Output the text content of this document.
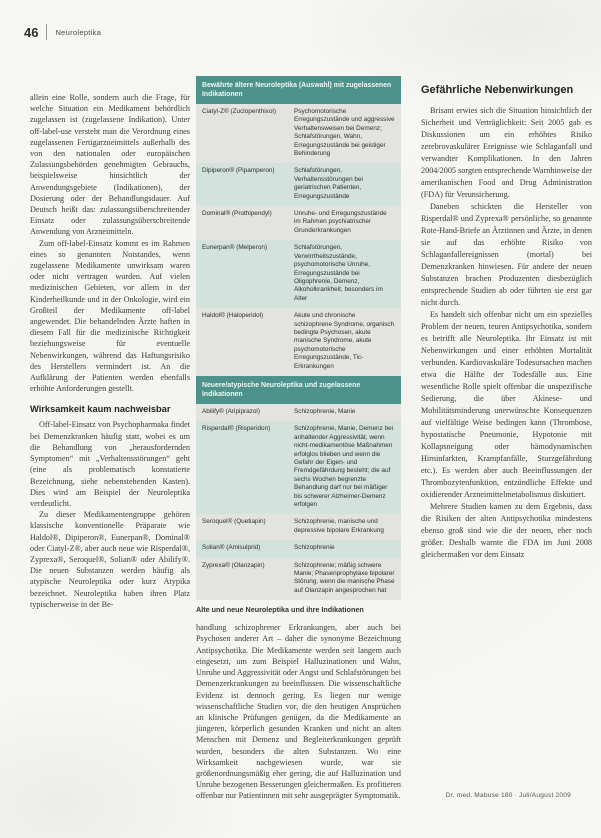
46 Neuroleptika

allein eine Rolle, sondern auch die Frage, für welche Situation ein Medikament behördlich zugelassen ist (zugelassene Indikation). Unter off-label-use versteht man die Verordnung eines zugelassenen Fertigarzneimittels außerhalb des von den nationalen oder europäischen Zulassungsbehörden genehmigten Gebrauchs, beispielsweise hinsichtlich der Anwendungsgebiete (Indikationen), der Dosierung oder der Behandlungsdauer. Auf Deutsch heißt das: zulassungsüberschreitender Einsatz oder zulassungsüberschreitende Anwendung von Arzneimitteln.

Zum off-label-Einsatz kommt es im Rahmen eines so genannten Notstandes, wenn zugelassene Medikamente unwirksam waren oder nicht vertragen wurden. Auf vielen medizinischen Gebieten, vor allem in der Kinderheilkunde und in der Onkologie, wird ein Großteil der Medikamente off-label angewendet. Die behandelnden Ärzte haften in diesem Fall für die medizinische Richtigkeit beziehungsweise für eventuelle Nebenwirkungen, während das Haftungsrisiko des Herstellers vermindert ist. An die Aufklärung der Patienten werden ebenfalls erhöhte Anforderungen gestellt.

Wirksamkeit kaum nachweisbar

Off-label-Einsatz von Psychopharmaka findet bei Demenzkranken häufig statt, wobei es um die Behandlung von „herausfordernden Symptomen“ mit „Verhaltensstörungen“ geht (eine als problematisch konstatierte Bezeichnung, siehe nebenstehenden Kasten). Dies wird am Beispiel der Neuroleptika verdeutlicht.

Zu dieser Medikamentengruppe gehören klassische konventionelle Präparate wie Haldol®, Dipiperon®, Eunerpan®, Dominal® oder Ciatyl-Z®, aber auch neue wie Risperdal®, Zyprexa®, Seroquel®, Solian® oder Abilify®. Die neuen Substanzen werden häufig als atypische Neuroleptika oder kurz Atypika bezeichnet. Neuroleptika haben ihren Platz typischerweise in der Be-

Bewährte ältere Neuroleptika (Auswahl) mit zugelassenen Indikationen
Ciatyl-Z® (Zuclopenthixol)	Psychomotorische Erregungszustände und aggressive Verhaltensweisen bei Demenz; Schlafstörungen, Wahn, Erregungszustände bei geistiger Behinderung
Dipiperon® (Pipamperon)	Schlafstörungen, Verhaltensstörungen bei geriatrischen Patienten, Erregungszustände
Dominal® (Prothipendyl)	Unruhe- und Erregungszustände im Rahmen psychiatrischer Grunderkrankungen
Eunerpan® (Melperon)	Schlafstörungen, Verwirrtheitszustände, psychomotorische Unruhe, Erregungszustände bei Oligophrenie, Demenz, Alkoholkrankheit, besonders im Alter
Haldol® (Haloperidol)	Akute und chronische schizophrene Syndrome, organisch bedingte Psychosen, akute manische Syndrome, akute psychomotorische Erregungszustände, Tic-Erkrankungen
Neuere/atypische Neuroleptika und zugelassene Indikationen
Abilify® (Aripiprazol)	Schizophrenie, Manie
Risperdal® (Risperidon)	Schizophrenie, Manie, Demenz bei anhaltender Aggressivität, wenn nicht-medikamentöse Maßnahmen erfolglos blieben und wenn die Gefahr der Eigen- und Fremdgefährdung besteht; die auf sechs Wochen begrenzte Behandlung darf nur bei mäßiger bis schwerer Alzheimer-Demenz erfolgen
Seroquel® (Quetiapin)	Schizophrenie, manische und depressive bipolare Erkrankung
Solian® (Amisulprid)	Schizophrenie
Zyprexa® (Olanzapin)	Schizophrenie; mäßig schwere Manie; Phasenprophylaxe bipolarer Störung, wenn die manische Phase auf Olanzapin angesprochen hat
Alte und neue Neuroleptika und ihre Indikationen

handlung schizophrener Erkrankungen, aber auch bei Psychosen anderer Art – daher die synonyme Bezeichnung Antipsychotika. Die Medikamente werden seit langem auch eingesetzt, um zum Beispiel Halluzinationen und Wahn, Unruhe und Aggressivität oder Angst und Schlafstörungen bei Demenzerkrankungen zu beeinflussen. Die wissenschaftliche Evidenz ist dennoch gering. Es liegen nur wenige wissenschaftliche Studien vor, die den heutigen Ansprüchen an klinische Prüfungen genügen, da die Medikamente an jüngeren, körperlich gesunden Kranken und nicht an alten Menschen mit Demenz und Begleiterkrankungen geprüft wurden, besonders die alten Substanzen. Wo eine Wirksamkeit nachgewiesen wurde, war sie größenordnungsmäßig eher gering, die auf Halluzination und Unruhe bezogenen Besserungen gleichermaßen. Es profitieren offenbar nur Patientinnen mit sehr ausgeprägter Symptomatik.

Gefährliche Nebenwirkungen

Brisant erwies sich die Situation hinsichtlich der Sicherheit und Verträglichkeit: Seit 2005 gab es Diskussionen um ein erhöhtes Risiko zerebrovaskulärer Ereignisse wie Schlaganfall und verwandter Komplikationen. In den Jahren 2004/2005 sorgten entsprechende Warnhinweise der amerikanischen Food and Drug Administration (FDA) für Verunsicherung.

Daneben schickten die Hersteller von Risperdal® und Zyprexa® persönliche, so genannte Rote-Hand-Briefe an Ärztinnen und Ärzte, in denen sie auf das erhöhte Risiko von Schlaganfallereignissen (mortal) bei Demenzkranken hinwiesen. Für andere der neuen Substanzen brachen Produzenten diesbezüglich entsprechende Studien ab oder führten sie erst gar nicht durch.

Es handelt sich offenbar nicht um ein spezielles Problem der neuen, teuren Antipsychotika, sondern es betrifft alle Neuroleptika. Ihr Einsatz ist mit Nebenwirkungen und einer erhöhten Mortalität verbunden. Kardiovaskuläre Todesursachen machen etwa die Hälfte der Todesfälle aus. Eine wesentliche Rolle spielt offenbar die unspezifische Sedierung, die über Akinese- und Mobilitätsminderung unerwünschte Konsequenzen auf vielfältige Weise bedingen kann (Thrombose, hypostatische Pneumonie, Hypotonie mit Kollapsneigung oder hämodynamischen Hirninfarkten, Krampfanfälle, Sturzgefährdung etc.). Es werden aber auch Beeinflussungen der Thrombozytenfunktion, entzündliche Effekte und oxidierender Arzneimittelmetabolismus diskutiert.

Mehrere Studien kamen zu dem Ergebnis, dass die Risiken der alten Antipsychotika mindestens ebenso groß sind wie die der neuen, eher noch größer. Deshalb warnte die FDA im Juni 2008 gleichermaßen vor dem Einsatz

Dr. med. Mabuse 180 · Juli/August 2009
